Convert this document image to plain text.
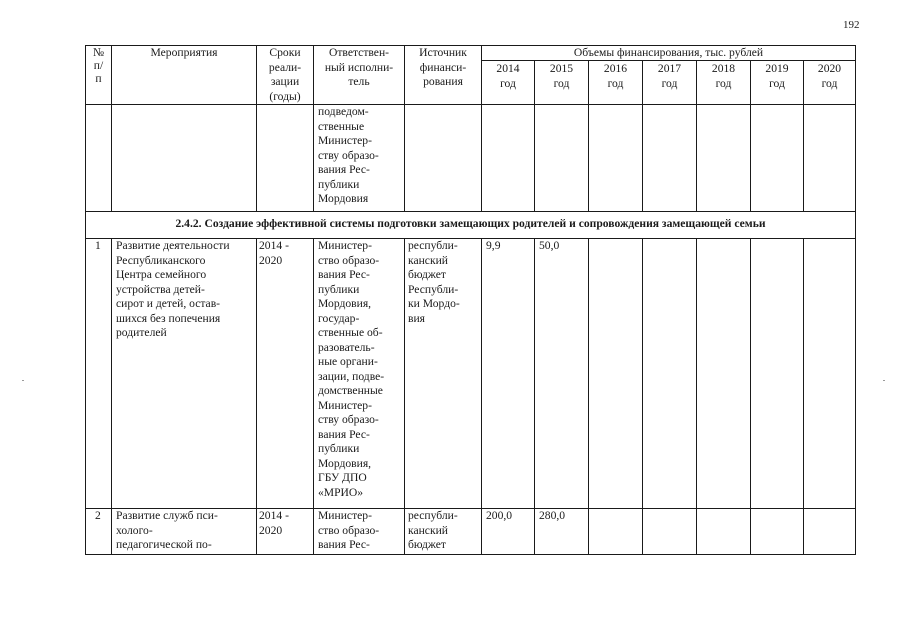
192
№
п/
п
Мероприятия	Сроки
реали-
зации
(годы)
Ответствен-
ный исполни-
тель
Источник
финанси-
рования
Объемы финансирования, тыс. рублей
2014
год
2015
год
2016
год
2017
год
2018
год
2019
год
2020
год
подведом-
ственные
Министер-
ству образо-
вания Рес-
публики
Мордовия
2.4.2. Создание эффективной системы подготовки замещающих родителей и сопровождения замещающей семьи
1 Развитие деятельности
Республиканского
Центра семейного
устройства детей-
сирот и детей, остав-
шихся без попечения
родителей
2014 -
2020
Министер-
ство образо-
вания Рес-
публики
Мордовия,
государ-
ственные об-
разователь-
ные органи-
зации, подве-
домственные
Министер-
ству образо-
вания Рес-
публики
Мордовия,
ГБУ ДПО
«МРИО»
республи-
канский
бюджет
Республи-
ки Мордо-
вия
9,9	50,0
2 Развитие служб пси-
холого-
педагогической по-
2014 -
2020
Министер-
ство образо-
вания Рес-
республи-
канский
бюджет
200,0 280,0
